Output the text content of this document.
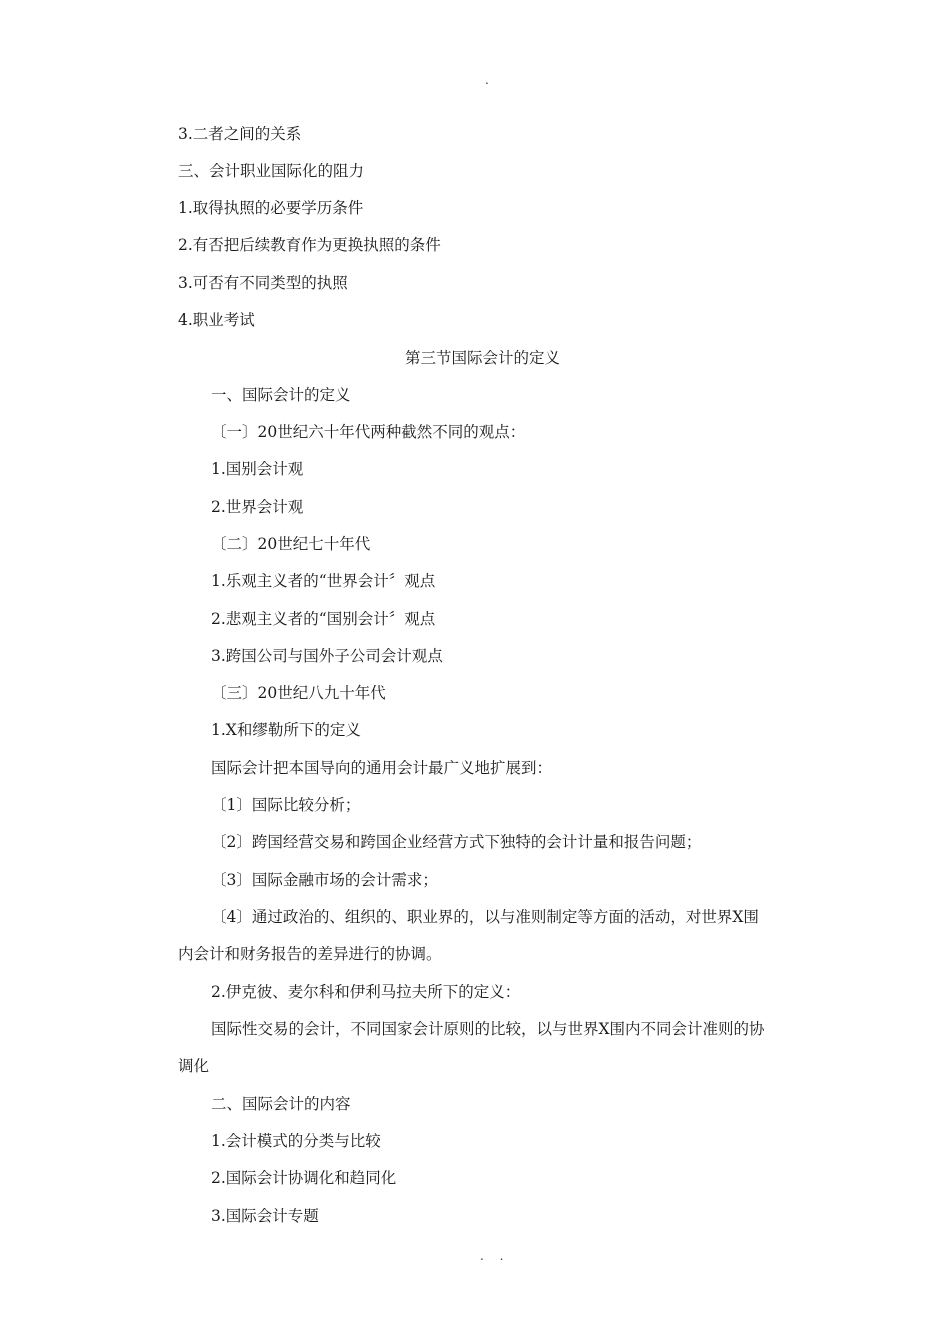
.
3.二者之间的关系
三、会计职业国际化的阻力
1.取得执照的必要学历条件
2.有否把后续教育作为更换执照的条件
3.可否有不同类型的执照
4.职业考试
第三节国际会计的定义
一、国际会计的定义
〔一〕20世纪六十年代两种截然不同的观点：
1.国别会计观
2.世界会计观
〔二〕20世纪七十年代
1.乐观主义者的“世界会计〞观点
2.悲观主义者的“国别会计〞观点
3.跨国公司与国外子公司会计观点
〔三〕20世纪八九十年代
1.X和缪勒所下的定义
国际会计把本国导向的通用会计最广义地扩展到：
〔1〕国际比较分析；
〔2〕跨国经营交易和跨国企业经营方式下独特的会计计量和报告问题；
〔3〕国际金融市场的会计需求；
〔4〕通过政治的、组织的、职业界的，以与准则制定等方面的活动，对世界X围
内会计和财务报告的差异进行的协调。
2.伊克彼、麦尔科和伊利马拉夫所下的定义：
国际性交易的会计，不同国家会计原则的比较，以与世界X围内不同会计准则的协
调化
二、国际会计的内容
1.会计模式的分类与比较
2.国际会计协调化和趋同化
3.国际会计专题
. .
